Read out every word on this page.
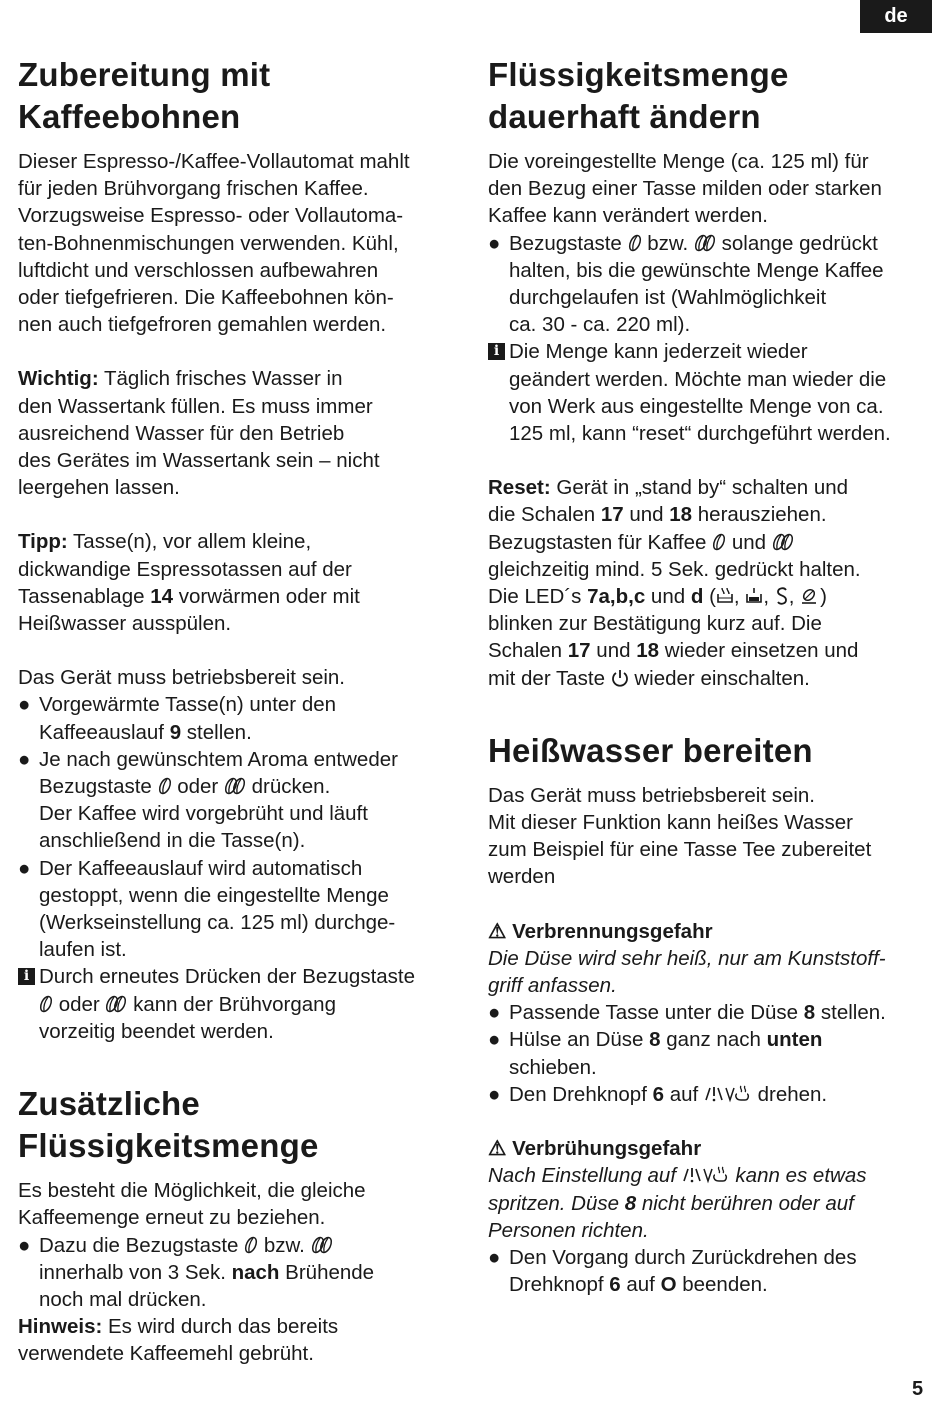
de
Zubereitung mit
Kaffeebohnen

Dieser Espresso-/Kaffee-Vollautomat mahlt
für jeden Brühvorgang frischen Kaffee.
Vorzugsweise Espresso- oder Vollautoma-
ten-Bohnenmischungen verwenden. Kühl,
luftdicht und verschlossen aufbewahren
oder tiefgefrieren. Die Kaffeebohnen kön-
nen auch tiefgefroren gemahlen werden.

Wichtig: Täglich frisches Wasser in
den Wassertank füllen. Es muss immer
ausreichend Wasser für den Betrieb
des Gerätes im Wassertank sein – nicht
leergehen lassen.

Tipp: Tasse(n), vor allem kleine,
dickwandige Espressotassen auf der
Tassenablage 14 vorwärmen oder mit
Heißwasser ausspülen.

Das Gerät muss betriebsbereit sein.

● Vorgewärmte Tasse(n) unter den
Kaffeeauslauf 9 stellen.
● Je nach gewünschtem Aroma entweder
Bezugstaste  oder  drücken.
Der Kaffee wird vorgebrüht und läuft
anschließend in die Tasse(n).
● Der Kaffeeauslauf wird automatisch
gestoppt, wenn die eingestellte Menge
(Werkseinstellung ca. 125 ml) durchge-
laufen ist.
i Durch erneutes Drücken der Bezugstaste
oder  kann der Brühvorgang
vorzeitig beendet werden.
Zusätzliche
Flüssigkeitsmenge

Es besteht die Möglichkeit, die gleiche
Kaffeemenge erneut zu beziehen.

● Dazu die Bezugstaste  bzw.
innerhalb von 3 Sek. nach Brühende
noch mal drücken.

Hinweis: Es wird durch das bereits
verwendete Kaffeemehl gebrüht.

Flüssigkeitsmenge
dauerhaft ändern

Die voreingestellte Menge (ca. 125 ml) für
den Bezug einer Tasse milden oder starken
Kaffee kann verändert werden.

● Bezugstaste  bzw.  solange gedrückt
halten, bis die gewünschte Menge Kaffee
durchgelaufen ist (Wahlmöglichkeit
ca. 30 - ca. 220 ml).
i Die Menge kann jederzeit wieder
geändert werden. Möchte man wieder die
von Werk aus eingestellte Menge von ca.
125 ml, kann “reset“ durchgeführt werden.

Reset: Gerät in „stand by“ schalten und
die Schalen 17 und 18 herausziehen.
Bezugstasten für Kaffee  und
gleichzeitig mind. 5 Sek. gedrückt halten.
Die LED´s 7a,b,c und d ( , , , )
blinken zur Bestätigung kurz auf. Die
Schalen 17 und 18 wieder einsetzen und
mit der Taste  wieder einschalten.

Heißwasser bereiten

Das Gerät muss betriebsbereit sein.
Mit dieser Funktion kann heißes Wasser
zum Beispiel für eine Tasse Tee zubereitet
werden

⚠ Verbrennungsgefahr
Die Düse wird sehr heiß, nur am Kunststoff-
griff anfassen.
● Passende Tasse unter die Düse 8 stellen.
● Hülse an Düse 8 ganz nach unten
schieben.
● Den Drehknopf 6 auf  drehen.
⚠ Verbrühungsgefahr
Nach Einstellung auf  kann es etwas
spritzen. Düse 8 nicht berühren oder auf
Personen richten.
● Den Vorgang durch Zurückdrehen des
Drehknopf 6 auf O beenden.
5
